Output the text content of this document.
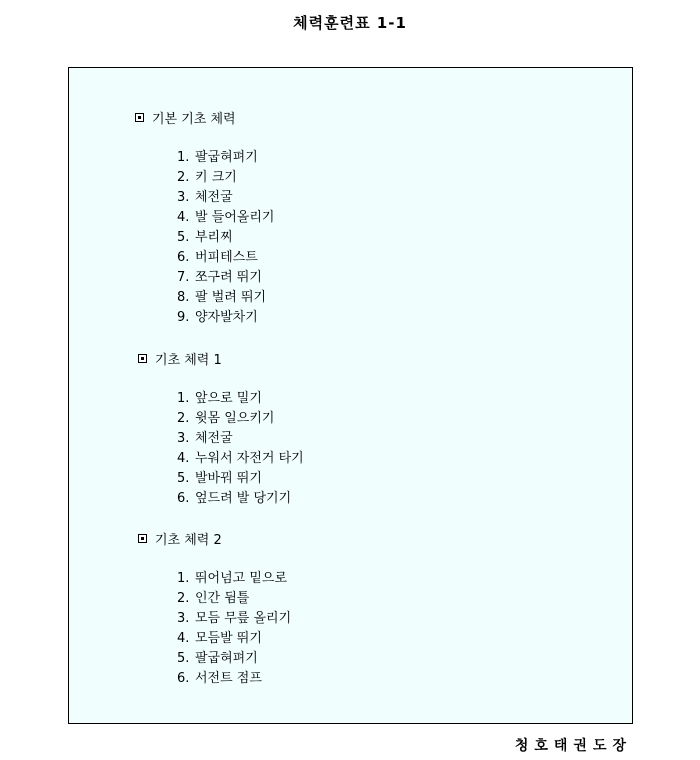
체력훈련표 1-1
기본 기초 체력
1. 팔굽혀펴기
2. 키 크기
3. 체전굴
4. 발 들어올리기
5. 부리찌
6. 버피테스트
7. 쪼구려 뛰기
8. 팔 벌려 뛰기
9. 양자발차기
기초 체력 1
1. 앞으로 밀기
2. 윗몸 일으키기
3. 체전굴
4. 누워서 자전거 타기
5. 발바꿔 뛰기
6. 엎드려 발 당기기
기초 체력 2
1. 뛰어넘고 밑으로
2. 인간 뒴틀
3. 모듬 무릎 올리기
4. 모듬발 뛰기
5. 팔굽혀펴기
6. 서전트 점프
청호태권도장
